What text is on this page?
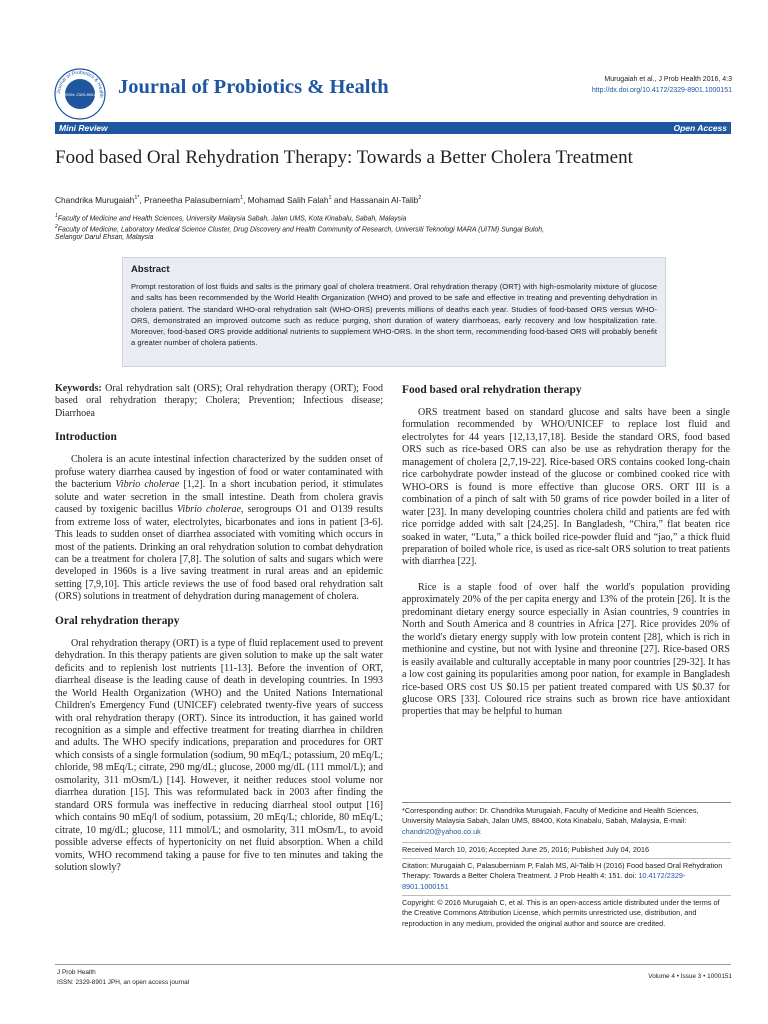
Journal of Probiotics & Health
ISSN: 2329-8901 Journal of Probiotics & Health	Murugaiah et al., J Prob Health 2016, 4:3
http://dx.doi.org/10.4172/2329-8901.1000151
Mini Review	Open Access
Food based Oral Rehydration Therapy: Towards a Better Cholera Treatment
Chandrika Murugaiah$^{1*}$, Praneetha Palasuberniam$^1$, Mohamad Salih Falah$^1$ and Hassanain Al-Talib$^2$
$^1$Faculty of Medicine and Health Sciences, University Malaysia Sabah, Jalan UMS, Kota Kinabalu, Sabah, Malaysia
$^2$Faculty of Medicine, Laboratory Medical Science Cluster, Drug Discovery and Health Community of Research, Universiti Teknologi MARA (UiTM) Sungai Buloh,
Selangor Darul Ehsan, Malaysia
Abstract
Prompt restoration of lost fluids and salts is the primary goal of cholera treatment. Oral rehydration therapy (ORT) with high-osmolarity mixture of glucose and salts has been recommended by the World Health Organization (WHO) and proved to be safe and effective in treating and preventing dehydration in cholera patient. The standard WHO-oral rehydration salt (WHO-ORS) prevents millions of deaths each year. Studies of food-based ORS versus WHO-ORS, demonstrated an improved outcome such as reduce purging, short duration of watery diarrhoeas, early recovery and low hospitalization rate. Moreover, food-based ORS provide additional nutrients to supplement WHO-ORS. In the short term, recommending food-based ORS will probably benefit a greater number of cholera patients.

Keywords: Oral rehydration salt (ORS); Oral rehydration therapy (ORT); Food based oral rehydration therapy; Cholera; Prevention; Infectious disease; Diarrhoea

Introduction

Cholera is an acute intestinal infection characterized by the sudden onset of profuse watery diarrhea caused by ingestion of food or water contaminated with the bacterium Vibrio cholerae [1,2]. In a short incubation period, it stimulates solute and water secretion in the small intestine. Death from cholera gravis caused by toxigenic bacillus Vibrio cholerae, serogroups O1 and O139 results from extreme loss of water, electrolytes, bicarbonates and ions in patient [3-6]. This leads to sudden onset of diarrhea associated with vomiting which occurs in most of the patients. Drinking an oral rehydration solution to combat dehydration can be a treatment for cholera [7,8]. The solution of salts and sugars which were developed in 1960s is a live saving treatment in rural areas and an epidemic setting [7,9,10]. This article reviews the use of food based oral rehydration salt (ORS) solutions in treatment of dehydration during management of cholera.

Oral rehydration therapy

Oral rehydration therapy (ORT) is a type of fluid replacement used to prevent dehydration. In this therapy patients are given solution to make up the salt water deficits and to replenish lost nutrients [11-13]. Before the invention of ORT, diarrheal disease is the leading cause of death in developing countries. In 1993 the World Health Organization (WHO) and the United Nations International Children's Emergency Fund (UNICEF) celebrated twenty-five years of success with oral rehydration therapy (ORT). Since its introduction, it has gained world recognition as a simple and effective treatment for treating diarrhea in children and adults. The WHO specify indications, preparation and procedures for ORT which consists of a single formulation (sodium, 90 mEq/L; potassium, 20 mEq/L; chloride, 98 mEq/L; citrate, 290 mg/dL; glucose, 2000 mg/dL (111 mmol/L); and osmolarity, 311 mOsm/L) [14]. However, it neither reduces stool volume nor diarrhea duration [15]. This was reformulated back in 2003 after finding the standard ORS formula was ineffective in reducing diarrheal stool output [16] which contains 90 mEq/l of sodium, potassium, 20 mEq/L; chloride, 80 mEq/L; citrate, 10 mg/dL; glucose, 111 mmol/L; and osmolarity, 311 mOsm/L, to avoid possible adverse effects of hypertonicity on net fluid absorption. When a child vomits, WHO recommend taking a pause for five to ten minutes and taking the solution slowly?

Food based oral rehydration therapy

ORS treatment based on standard glucose and salts have been a single formulation recommended by WHO/UNICEF to replace lost fluid and electrolytes for 44 years [12,13,17,18]. Beside the standard ORS, food based ORS such as rice-based ORS can also be use as rehydration therapy for the management of cholera [2,7,19-22]. Rice-based ORS contains cooked long-chain rice carbohydrate powder instead of the glucose or combined cooked rice with WHO-ORS is found is more effective than glucose ORS. ORT III is a combination of a pinch of salt with 50 grams of rice powder boiled in a liter of water [23]. In many developing countries cholera child and patients are fed with rice porridge added with salt [24,25]. In Bangladesh, “Chira,” flat beaten rice soaked in water, “Luta,” a thick boiled rice-powder fluid and “jao,” a thick fluid preparation of boiled whole rice, is used as rice-salt ORS solution to treat patients with diarrhea [22].

Rice is a staple food of over half the world's population providing approximately 20% of the per capita energy and 13% of the protein [26]. It is the predominant dietary energy source especially in Asian countries, 9 countries in North and South America and 8 countries in Africa [27]. Rice provides 20% of the world's dietary energy supply with low protein content [28], which is rich in methionine and cystine, but not with lysine and threonine [27]. Rice-based ORS is easily available and culturally acceptable in many poor countries [29-32]. It has a low cost gaining its popularities among poor nation, for example in Bangladesh rice-based ORS cost US $0.15 per patient treated compared with US $0.37 for glucose ORS [33]. Coloured rice strains such as brown rice have antioxidant properties that may be helpful to human

*Corresponding author: Dr. Chandrika Murugaiah, Faculty of Medicine and Health Sciences, University Malaysia Sabah, Jalan UMS, 88400, Kota Kinabalu, Sabah, Malaysia, E-mail: chandri20@yahoo.co.uk
Received March 10, 2016; Accepted June 25, 2016; Published July 04, 2016
Citation: Murugaiah C, Palasuberniam P, Falah MS, Al-Talib H (2016) Food based Oral Rehydration Therapy: Towards a Better Cholera Treatment. J Prob Health 4: 151. doi: 10.4172/2329-8901.1000151
Copyright: © 2016 Murugaiah C, et al. This is an open-access article distributed under the terms of the Creative Commons Attribution License, which permits unrestricted use, distribution, and reproduction in any medium, provided the original author and source are credited.
J Prob Health
ISSN: 2329-8901 JPH, an open access journal
Volume 4 • Issue 3 • 1000151
